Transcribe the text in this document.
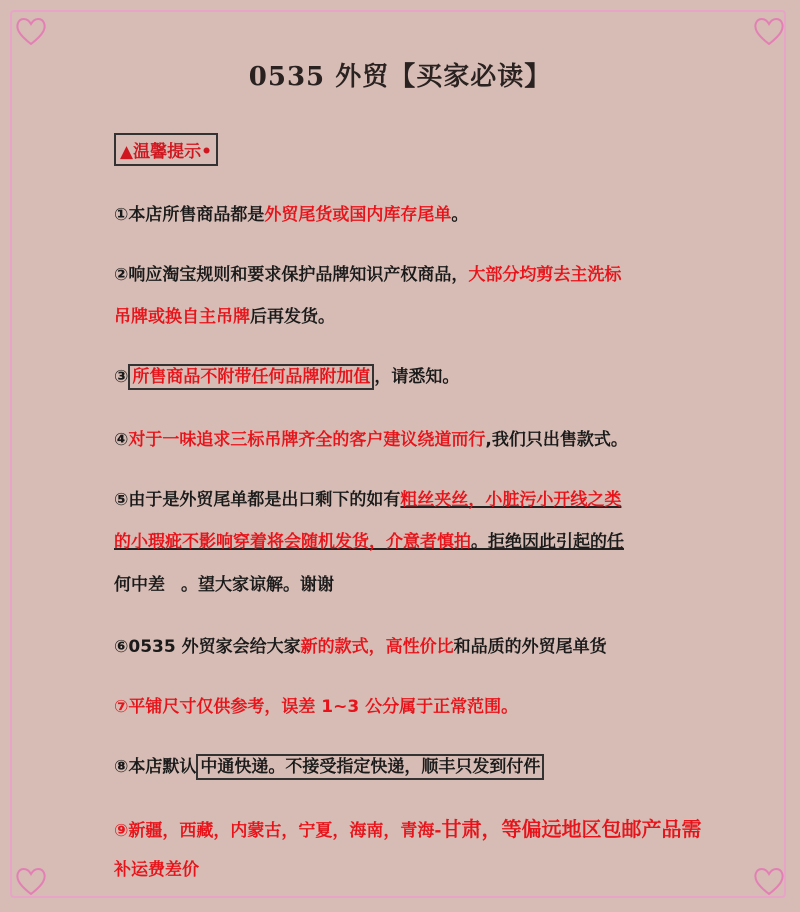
0535 外贸【买家必读】
▲温馨提示•
①本店所售商品都是外贸尾货或国内库存尾单。
②响应淘宝规则和要求保护品牌知识产权商品，大部分均剪去主洗标
吊牌或换自主吊牌后再发货。
③ 所售商品不附带任何品牌附加值 ，请悉知。
④对于一味追求三标吊牌齐全的客户建议绕道而行,我们只出售款式。
⑤由于是外贸尾单都是出口剩下的如有粗丝夹丝，小脏污小开线之类
的小瑕疵不影响穿着将会随机发货，介意者慎拍。拒绝因此引起的任
何中差 。望大家谅解。谢谢
⑥0535 外贸家会给大家新的款式，高性价比和品质的外贸尾单货
⑦平铺尺寸仅供参考，误差 1~3 公分属于正常范围。
⑧本店默认 中通快递。不接受指定快递，顺丰只发到付件
⑨新疆，西藏，内蒙古，宁夏，海南，青海-甘肃，等偏远地区包邮产品需
补运费差价
